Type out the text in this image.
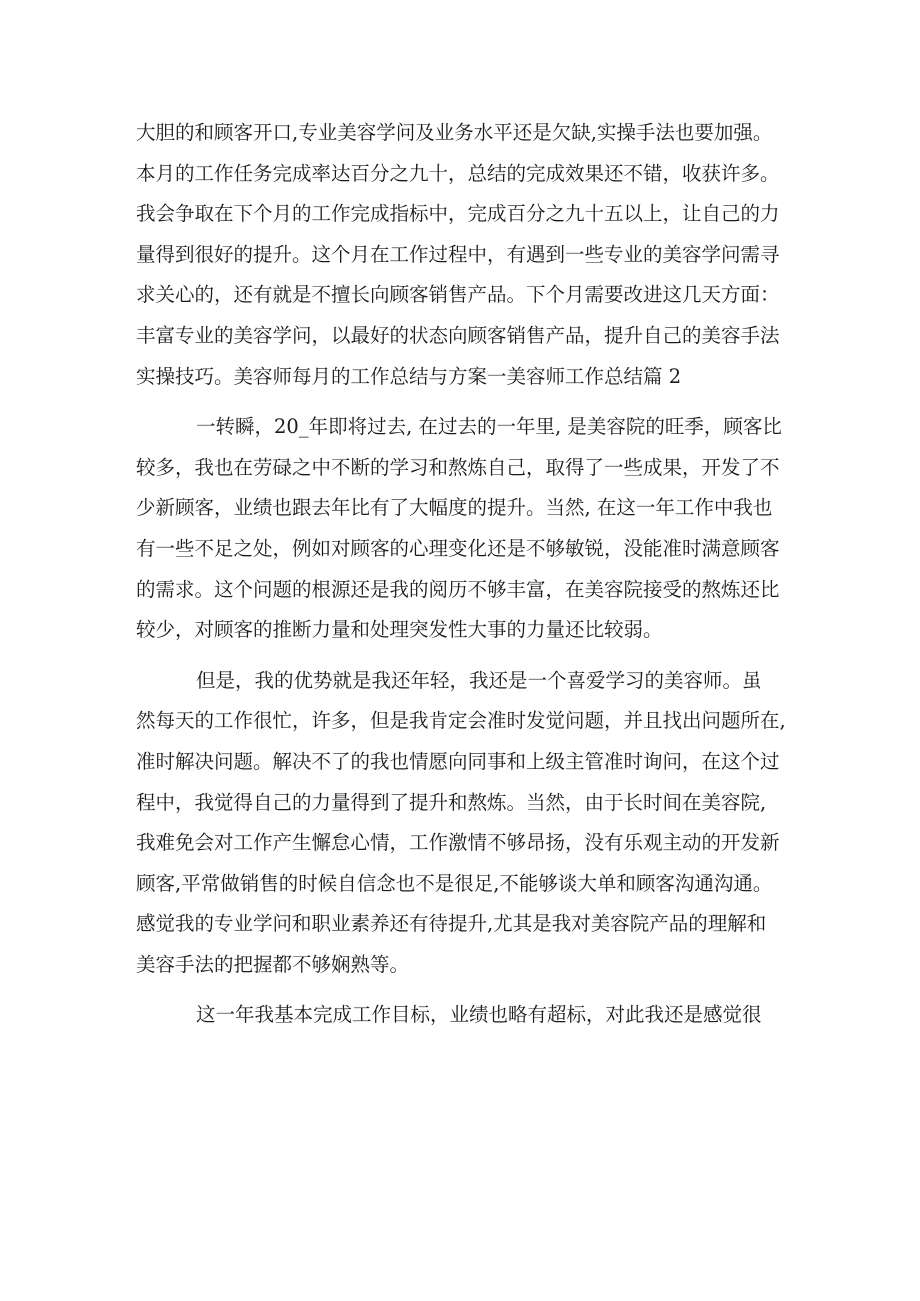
大胆的和顾客开口,专业美容学问及业务水平还是欠缺,实操手法也要加强。
本月的工作任务完成率达百分之九十，总结的完成效果还不错，收获许多。
我会争取在下个月的工作完成指标中，完成百分之九十五以上，让自己的力
量得到很好的提升。这个月在工作过程中，有遇到一些专业的美容学问需寻
求关心的，还有就是不擅长向顾客销售产品。下个月需要改进这几天方面：
丰富专业的美容学问，以最好的状态向顾客销售产品，提升自己的美容手法
实操技巧。美容师每月的工作总结与方案一美容师工作总结篇 2
一转瞬，20_年即将过去, 在过去的一年里, 是美容院的旺季，顾客比
较多，我也在劳碌之中不断的学习和熬炼自己，取得了一些成果，开发了不
少新顾客，业绩也跟去年比有了大幅度的提升。当然, 在这一年工作中我也
有一些不足之处，例如对顾客的心理变化还是不够敏锐，没能准时满意顾客
的需求。这个问题的根源还是我的阅历不够丰富，在美容院接受的熬炼还比
较少，对顾客的推断力量和处理突发性大事的力量还比较弱。
但是，我的优势就是我还年轻，我还是一个喜爱学习的美容师。虽
然每天的工作很忙，许多，但是我肯定会准时发觉问题，并且找出问题所在,
准时解决问题。解决不了的我也情愿向同事和上级主管准时询问，在这个过
程中，我觉得自己的力量得到了提升和熬炼。当然，由于长时间在美容院,
我难免会对工作产生懈怠心情，工作激情不够昂扬，没有乐观主动的开发新
顾客,平常做销售的时候自信念也不是很足,不能够谈大单和顾客沟通沟通。
感觉我的专业学问和职业素养还有待提升,尤其是我对美容院产品的理解和
美容手法的把握都不够娴熟等。
这一年我基本完成工作目标，业绩也略有超标，对此我还是感觉很
